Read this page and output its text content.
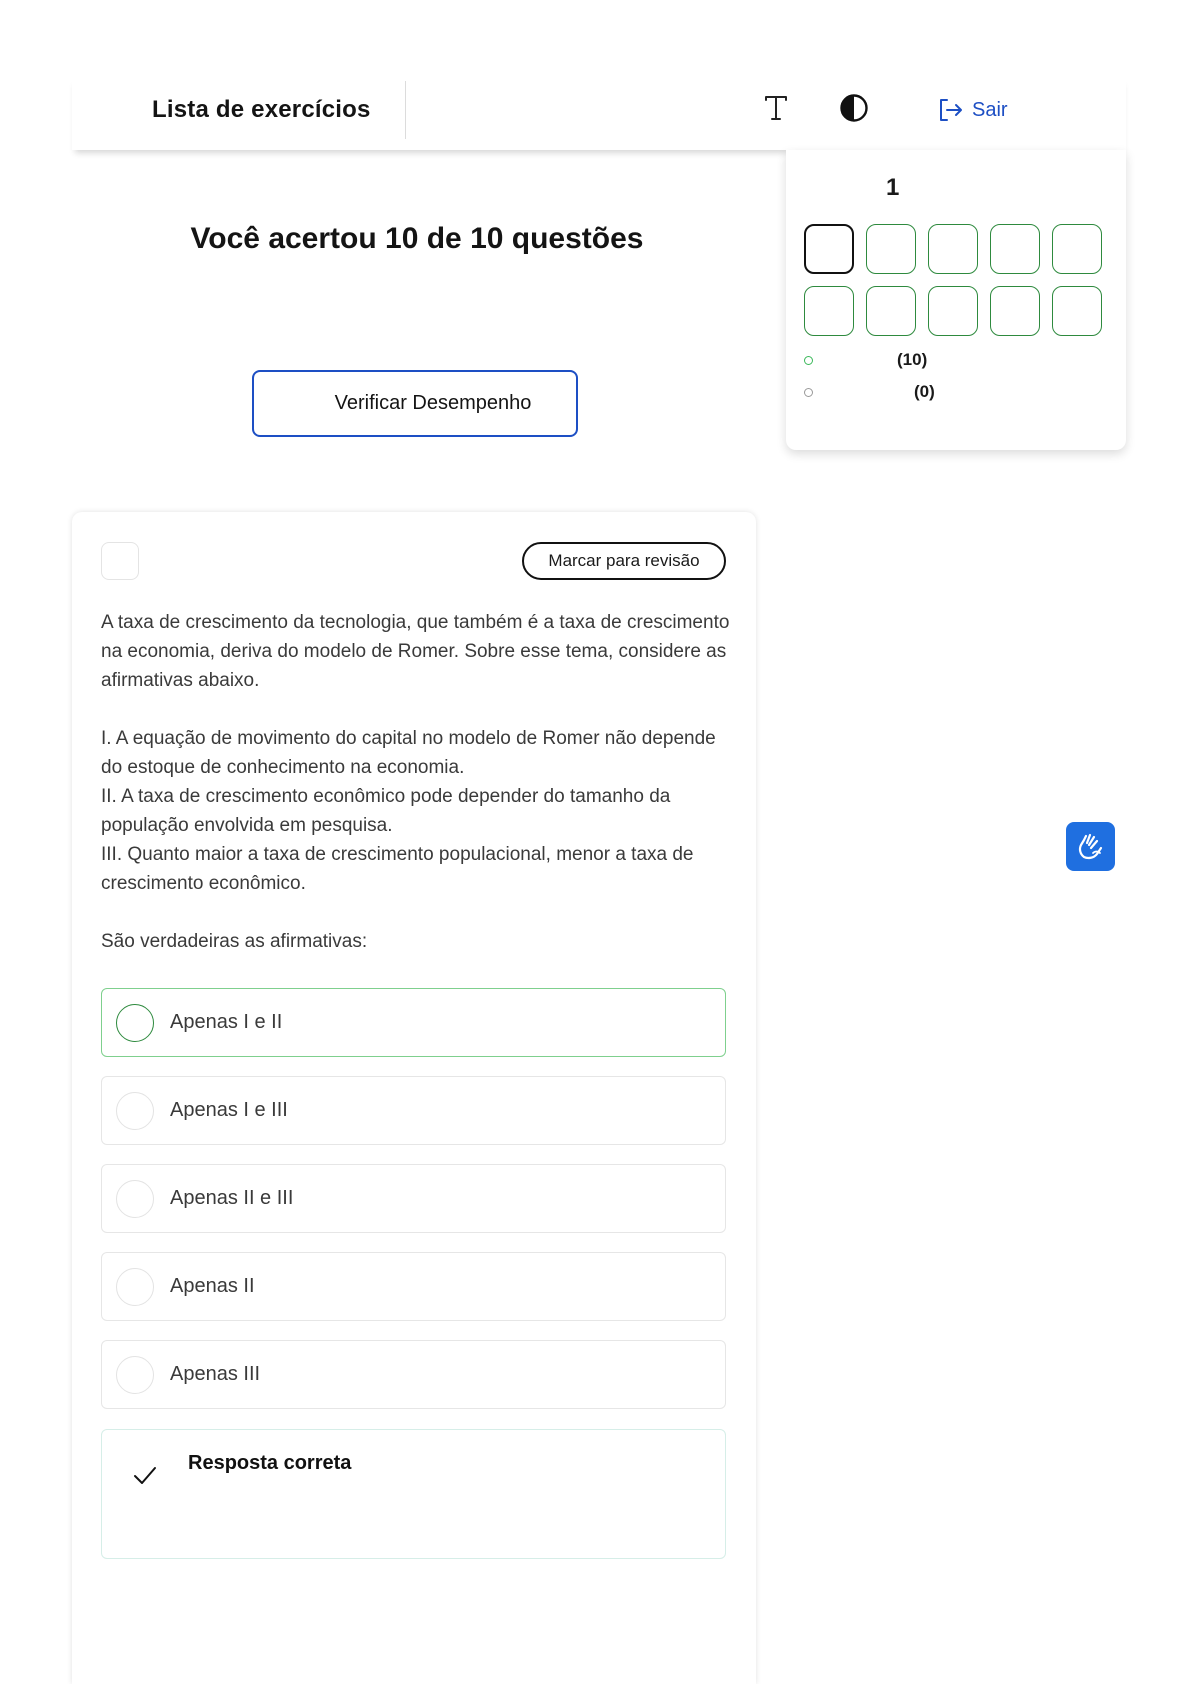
Lista de exercícios	Sair
Você acertou 10 de 10 questões
Verificar Desempenho
1
(10)
(0)
Marcar para revisão

A taxa de crescimento da tecnologia, que também é a taxa de crescimento na economia, deriva do modelo de Romer. Sobre esse tema, considere as afirmativas abaixo.

I. A equação de movimento do capital no modelo de Romer não depende do estoque de conhecimento na economia.

II. A taxa de crescimento econômico pode depender do tamanho da população envolvida em pesquisa.

III. Quanto maior a taxa de crescimento populacional, menor a taxa de crescimento econômico.

São verdadeiras as afirmativas:

Apenas I e II
Apenas I e III
Apenas II e III
Apenas II
Apenas III
Resposta correta
